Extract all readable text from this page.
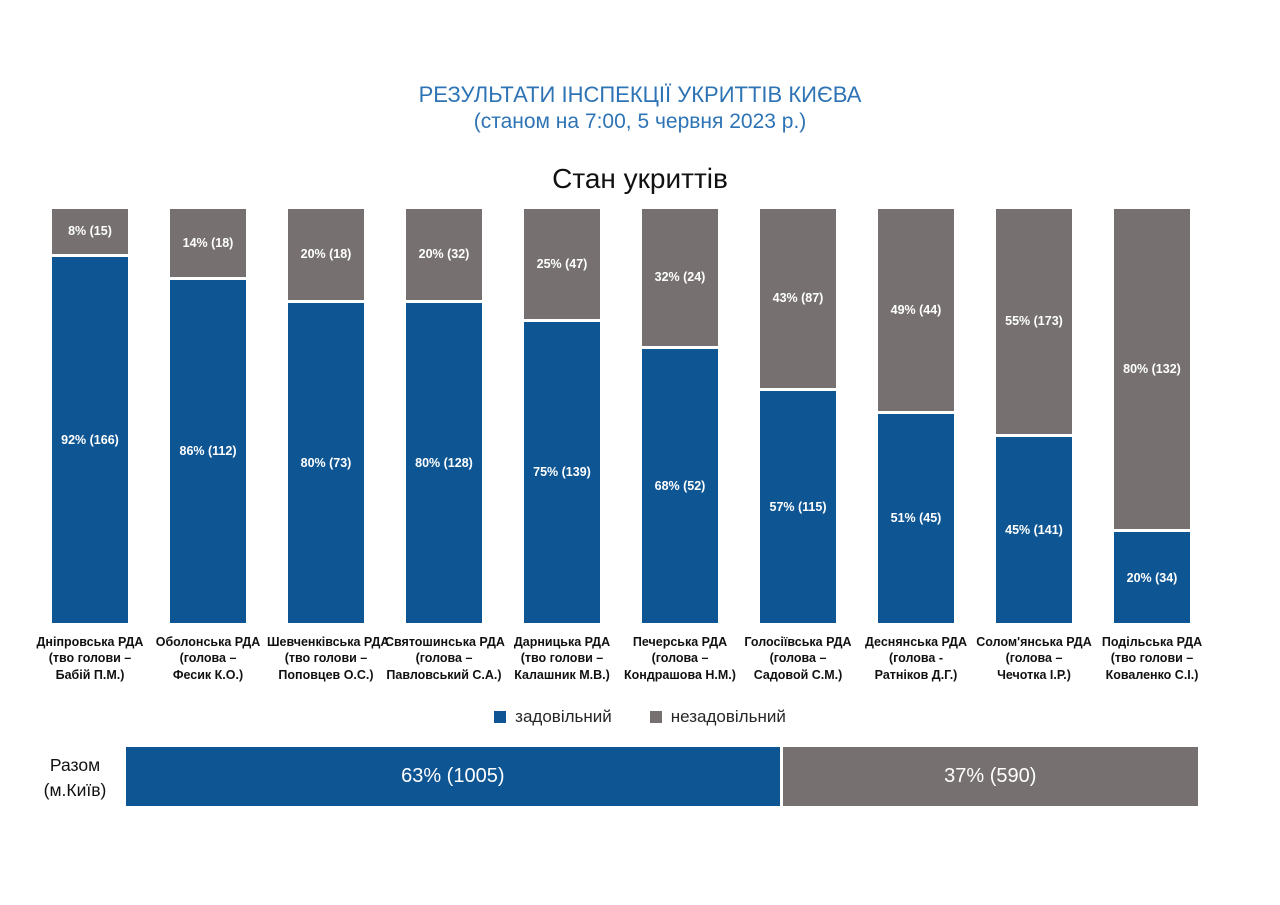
РЕЗУЛЬТАТИ ІНСПЕКЦІЇ УКРИТТІВ КИЄВА
(станом на 7:00, 5 червня 2023 р.)
Стан укриттів
8% (15)
92% (166)
14% (18)
86% (112)
20% (18)
80% (73)
20% (32)
80% (128)
25% (47)
75% (139)
32% (24)
68% (52)
43% (87)
57% (115)
49% (44)
51% (45)
55% (173)
45% (141)
80% (132)
20% (34)
Дніпровська РДА
(тво голови –
Бабій П.М.)
Оболонська РДА
(голова –
Фесик К.О.)
Шевченківська РДА
(тво голови –
Поповцев О.С.)
Святошинська РДА
(голова –
Павловський С.А.)
Дарницька РДА
(тво голови –
Калашник М.В.)
Печерська РДА
(голова –
Кондрашова Н.М.)
Голосіївська РДА
(голова –
Садовой С.М.)
Деснянська РДА
(голова -
Ратніков Д.Г.)
Солом'янська РДА
(голова –
Чечотка І.Р.)
Подільська РДА
(тво голови –
Коваленко С.І.)
задовільний	незадовільний
Разом
(м.Київ)
63% (1005)	37% (590)
